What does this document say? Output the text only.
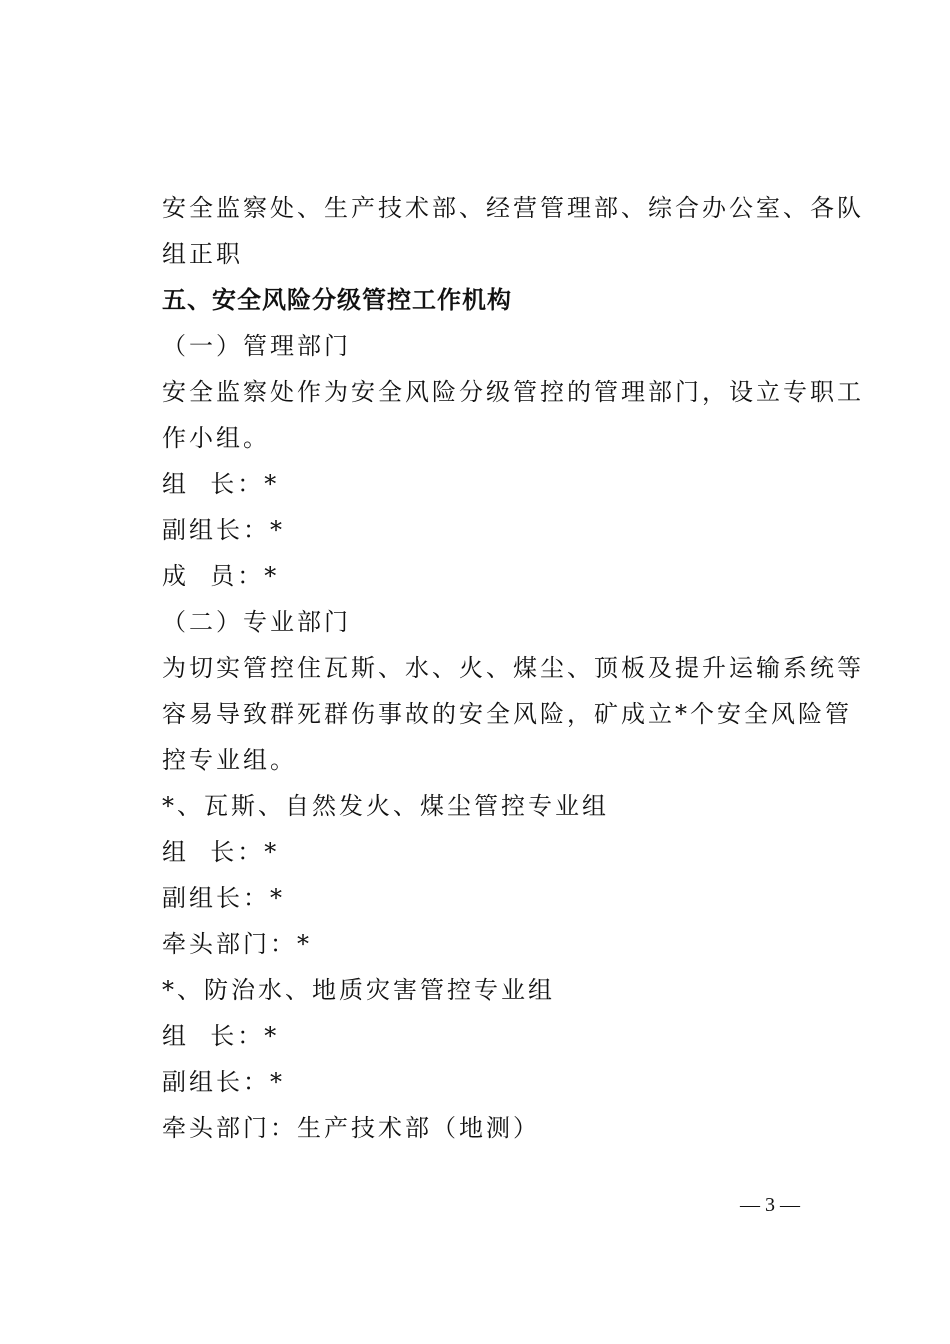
安全监察处、生产技术部、经营管理部、综合办公室、各队
组正职
五、安全风险分级管控工作机构
（一）管理部门
安全监察处作为安全风险分级管控的管理部门，设立专职工
作小组。
组  长：*
副组长：*
成  员：*
（二）专业部门
为切实管控住瓦斯、水、火、煤尘、顶板及提升运输系统等
容易导致群死群伤事故的安全风险，矿成立*个安全风险管
控专业组。
*、瓦斯、自然发火、煤尘管控专业组
组  长：*
副组长：*
牵头部门：*
*、防治水、地质灾害管控专业组
组  长：*
副组长：*
牵头部门：生产技术部（地测）
— 3 —
